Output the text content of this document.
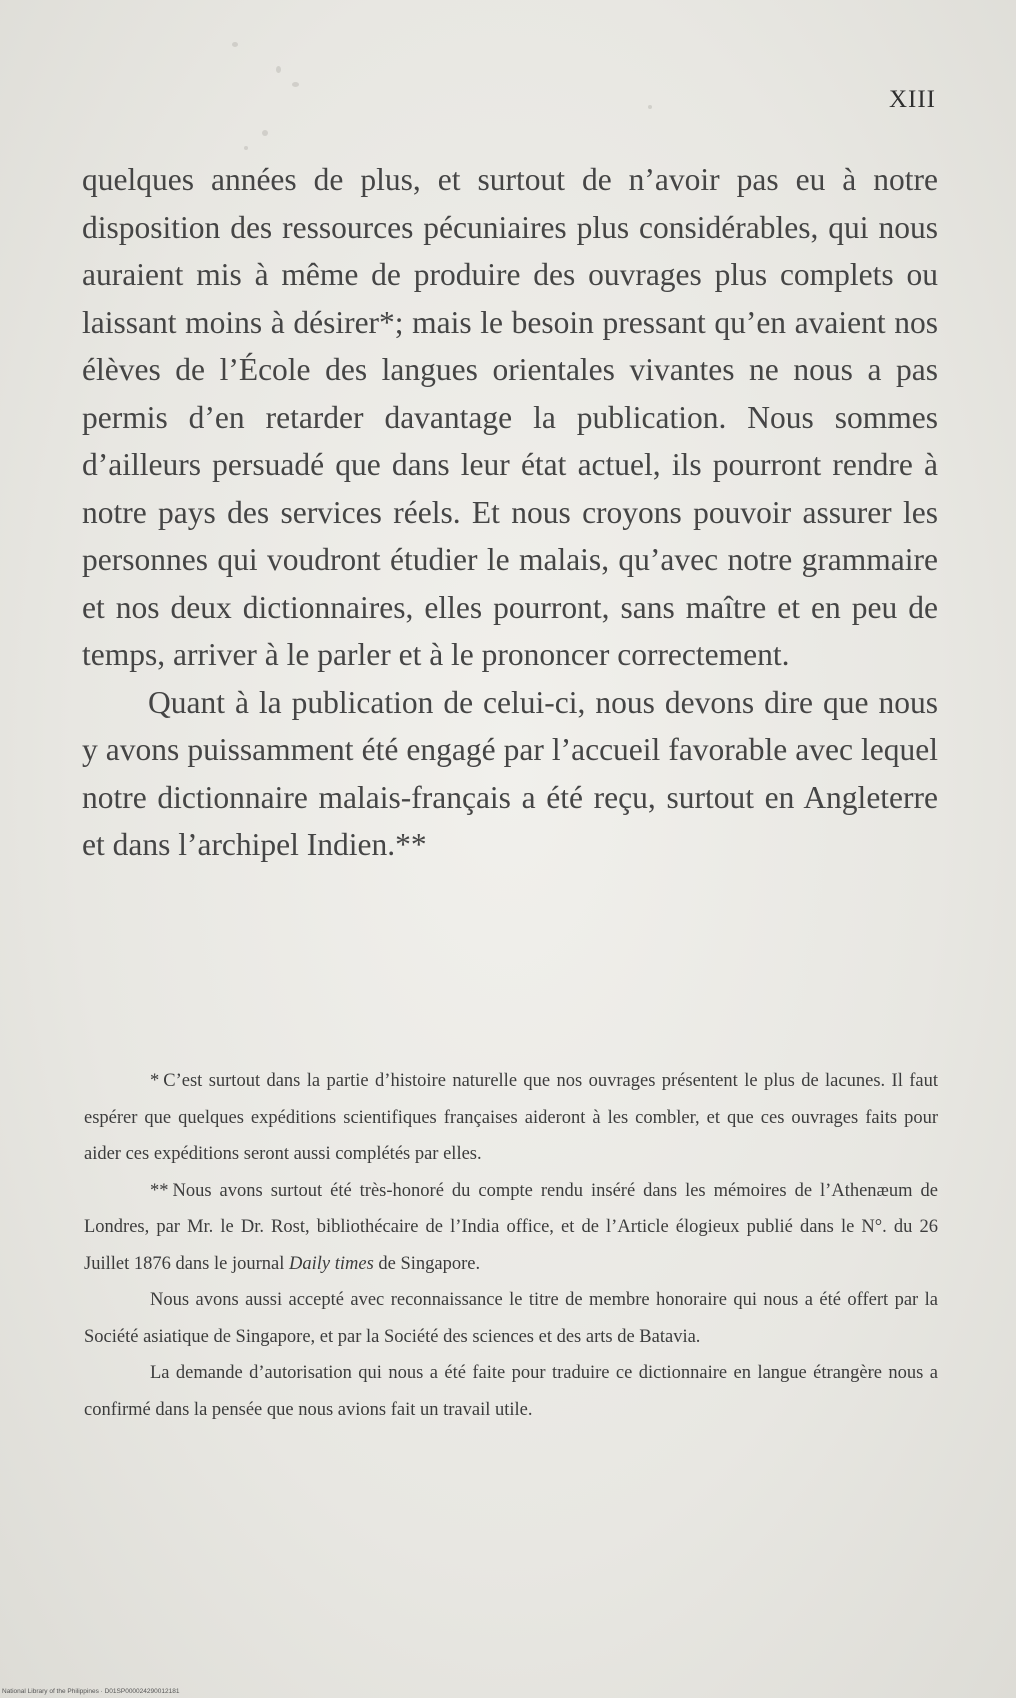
XIII

quelques années de plus, et surtout de n’avoir pas eu à notre disposition des ressources pécuniaires plus considérables, qui nous auraient mis à même de produire des ouvrages plus complets ou laissant moins à désirer*; mais le besoin pressant qu’en avaient nos élèves de l’École des langues orientales vivantes ne nous a pas permis d’en retarder davantage la publication. Nous sommes d’ailleurs persuadé que dans leur état actuel, ils pourront rendre à notre pays des services réels. Et nous croyons pouvoir assurer les personnes qui voudront étudier le malais, qu’avec notre grammaire et nos deux dictionnaires, elles pourront, sans maître et en peu de temps, arriver à le parler et à le prononcer correctement.

Quant à la publication de celui-ci, nous devons dire que nous y avons puissamment été engagé par l’accueil favorable avec lequel notre dictionnaire malais-français a été reçu, surtout en Angleterre et dans l’archipel Indien.**

* C’est surtout dans la partie d’histoire naturelle que nos ouvrages présentent le plus de lacunes. Il faut espérer que quelques expéditions scientifiques françaises aideront à les combler, et que ces ouvrages faits pour aider ces expéditions seront aussi complétés par elles.

** Nous avons surtout été très-honoré du compte rendu inséré dans les mémoires de l’Athenæum de Londres, par Mr. le Dr. Rost, bibliothécaire de l’India office, et de l’Article élogieux publié dans le N°. du 26 Juillet 1876 dans le journal Daily times de Singapore.

Nous avons aussi accepté avec reconnaissance le titre de membre honoraire qui nous a été offert par la Société asiatique de Singapore, et par la Société des sciences et des arts de Batavia.

La demande d’autorisation qui nous a été faite pour traduire ce dictionnaire en langue étrangère nous a confirmé dans la pensée que nous avions fait un travail utile.

National Library of the Philippines · D01SP000024290012181
